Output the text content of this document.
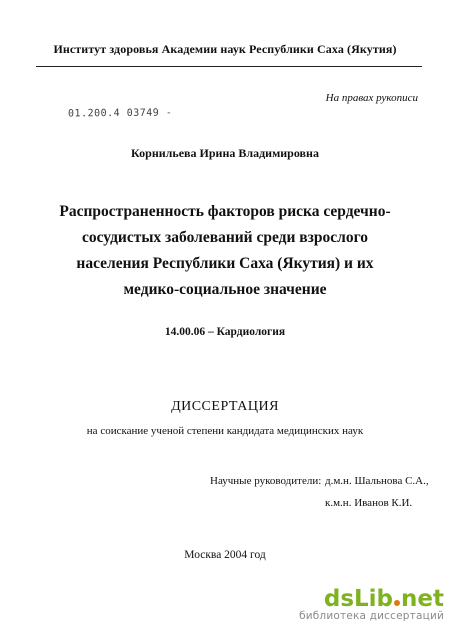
Институт здоровья Академии наук Республики Саха (Якутия)
На правах рукописи
01.200.4 03749 -
Корнильева Ирина Владимировна
Распространенность факторов риска сердечно-
сосудистых заболеваний среди взрослого
населения Республики Саха (Якутия) и их
медико-социальное значение
14.00.06 – Кардиология
ДИССЕРТАЦИЯ
на соискание ученой степени кандидата медицинских наук
Научные руководители: д.м.н. Шальнова С.А.,
к.м.н. Иванов К.И.
Москва 2004 год
ds Lib net
библиотека диссертаций
